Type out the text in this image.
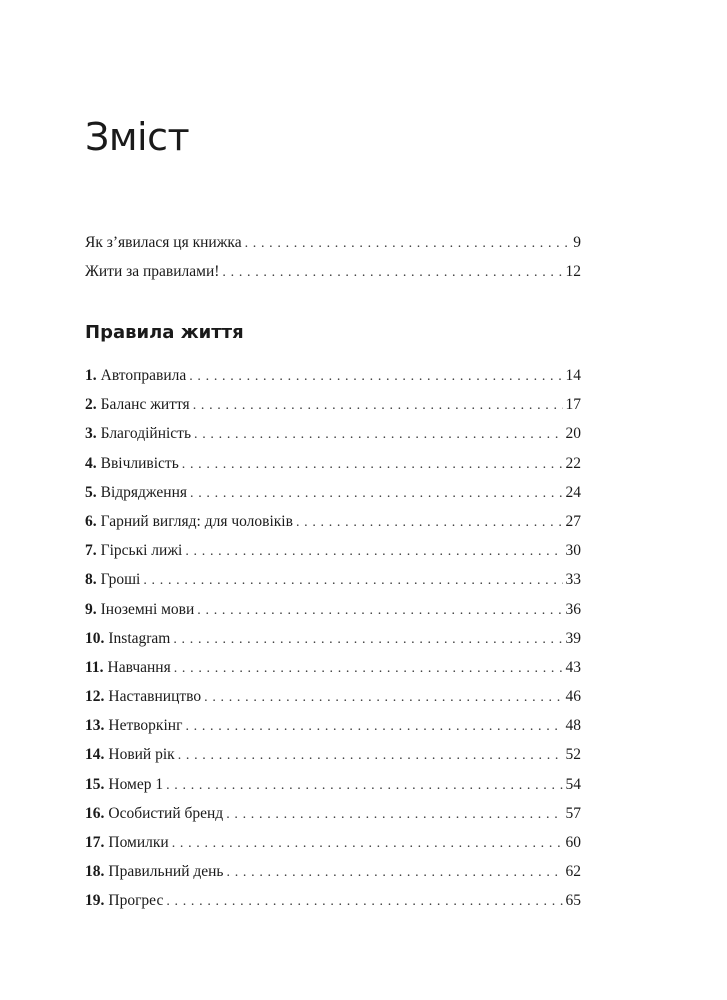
Зміст
Як з’явилася ця книжка . . .	9
Жити за правилами! . . .	12
Правила життя
1. Автоправила . . .	14
2. Баланс життя . . .	17
3. Благодійність . . .	20
4. Ввічливість . . .	22
5. Відрядження . . .	24
6. Гарний вигляд: для чоловіків . . .	27
7. Гірські лижі . . .	30
8. Гроші . . .	33
9. Іноземні мови . . .	36
10. Instagram . . .	39
11. Навчання . . .	43
12. Наставництво . . .	46
13. Нетворкінг . . .	48
14. Новий рік . . .	52
15. Номер 1 . . .	54
16. Особистий бренд . . .	57
17. Помилки . . .	60
18. Правильний день . . .	62
19. Прогрес . . .	65
